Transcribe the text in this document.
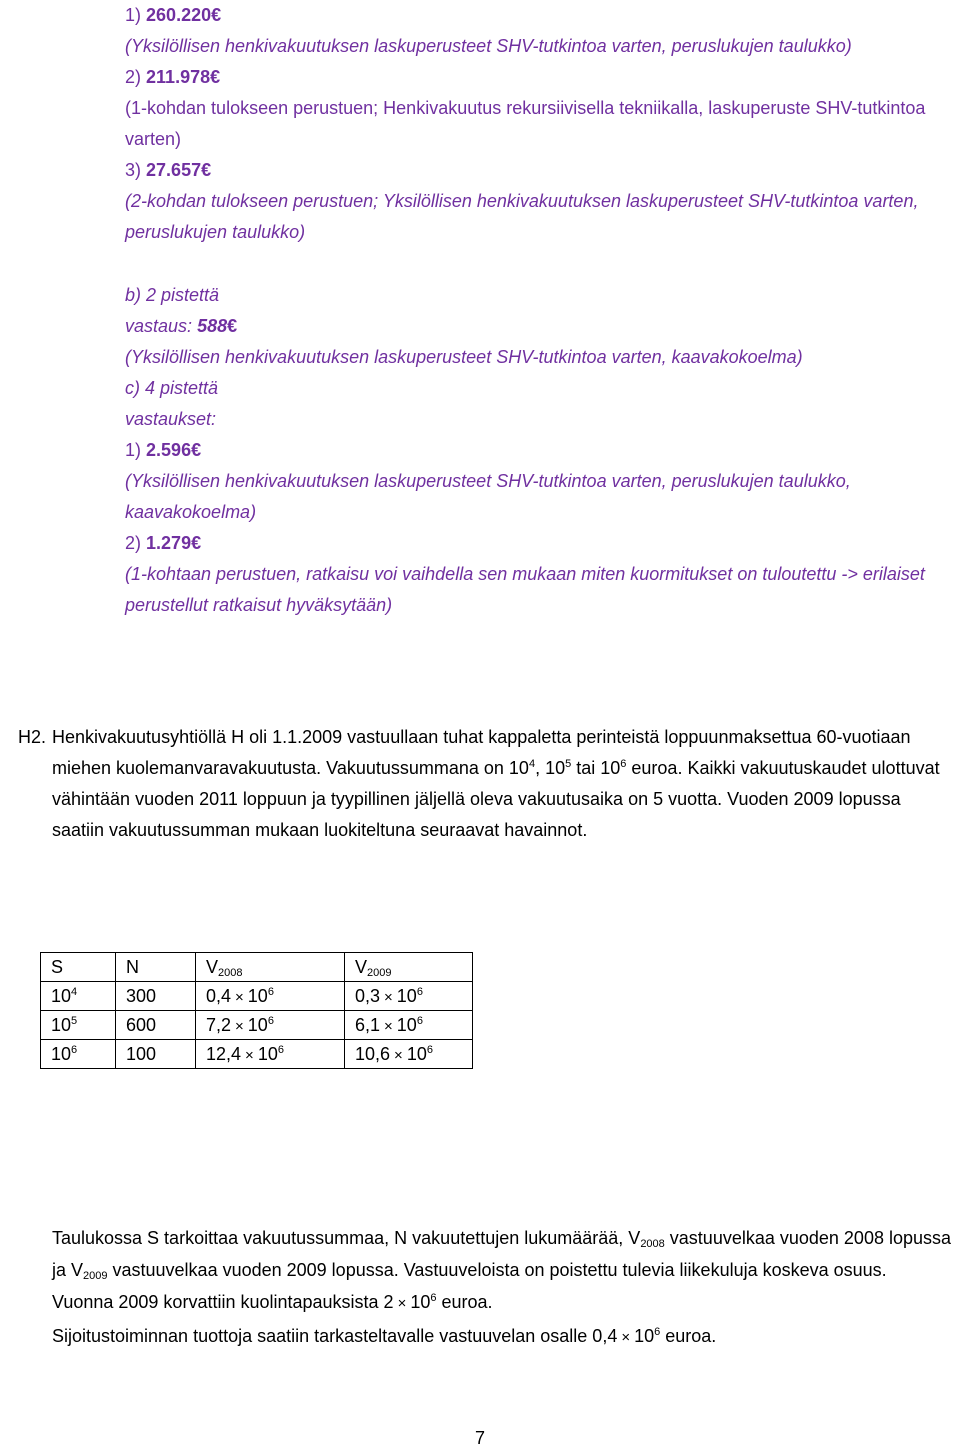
1) 260.220€
(Yksilöllisen henkivakuutuksen laskuperusteet SHV-tutkintoa varten, peruslukujen taulukko)
2) 211.978€
(1-kohdan tulokseen perustuen; Henkivakuutus rekursiivisella tekniikalla, laskuperuste SHV-tutkintoa varten)
3) 27.657€
(2-kohdan tulokseen perustuen; Yksilöllisen henkivakuutuksen laskuperusteet SHV-tutkintoa varten, peruslukujen taulukko)
b) 2 pistettä
vastaus: 588€
(Yksilöllisen henkivakuutuksen laskuperusteet SHV-tutkintoa varten, kaavakokoelma)
c) 4 pistettä
vastaukset:
1) 2.596€
(Yksilöllisen henkivakuutuksen laskuperusteet SHV-tutkintoa varten, peruslukujen taulukko, kaavakokoelma)
2) 1.279€
(1-kohtaan perustuen, ratkaisu voi vaihdella sen mukaan miten kuormitukset on tuloutettu -> erilaiset perustellut ratkaisut hyväksytään)
H2. Henkivakuutusyhtiöllä H oli 1.1.2009 vastuullaan tuhat kappaletta perinteistä loppuunmaksettua 60-vuotiaan miehen kuolemanvaravakuutusta. Vakuutussummana on $10^4$, $10^5$ tai $10^6$ euroa. Kaikki vakuutuskaudet ulottuvat vähintään vuoden 2011 loppuun ja tyypillinen jäljellä oleva vakuutusaika on 5 vuotta. Vuoden 2009 lopussa saatiin vakuutussumman mukaan luokiteltuna seuraavat havainnot.
S	N	$V_{2008}$	$V_{2009}$
$10^4$	300	$0,4 \times 10^6$	$0,3 \times 10^6$
$10^5$	600	$7,2 \times 10^6$	$6,1 \times 10^6$
$10^6$	100	$12,4 \times 10^6$	$10,6 \times 10^6$
Taulukossa S tarkoittaa vakuutussummaa, N vakuutettujen lukumäärää, $V_{2008}$ vastuuvelkaa vuoden 2008 lopussa ja $V_{2009}$ vastuuvelkaa vuoden 2009 lopussa. Vastuuveloista on poistettu tulevia liikekuluja koskeva osuus. Vuonna 2009 korvattiin kuolintapauksista $2 \times 10^6$ euroa.
Sijoitustoiminnan tuottoja saatiin tarkasteltavalle vastuuvelan osalle $0,4 \times 10^6$ euroa.
7
